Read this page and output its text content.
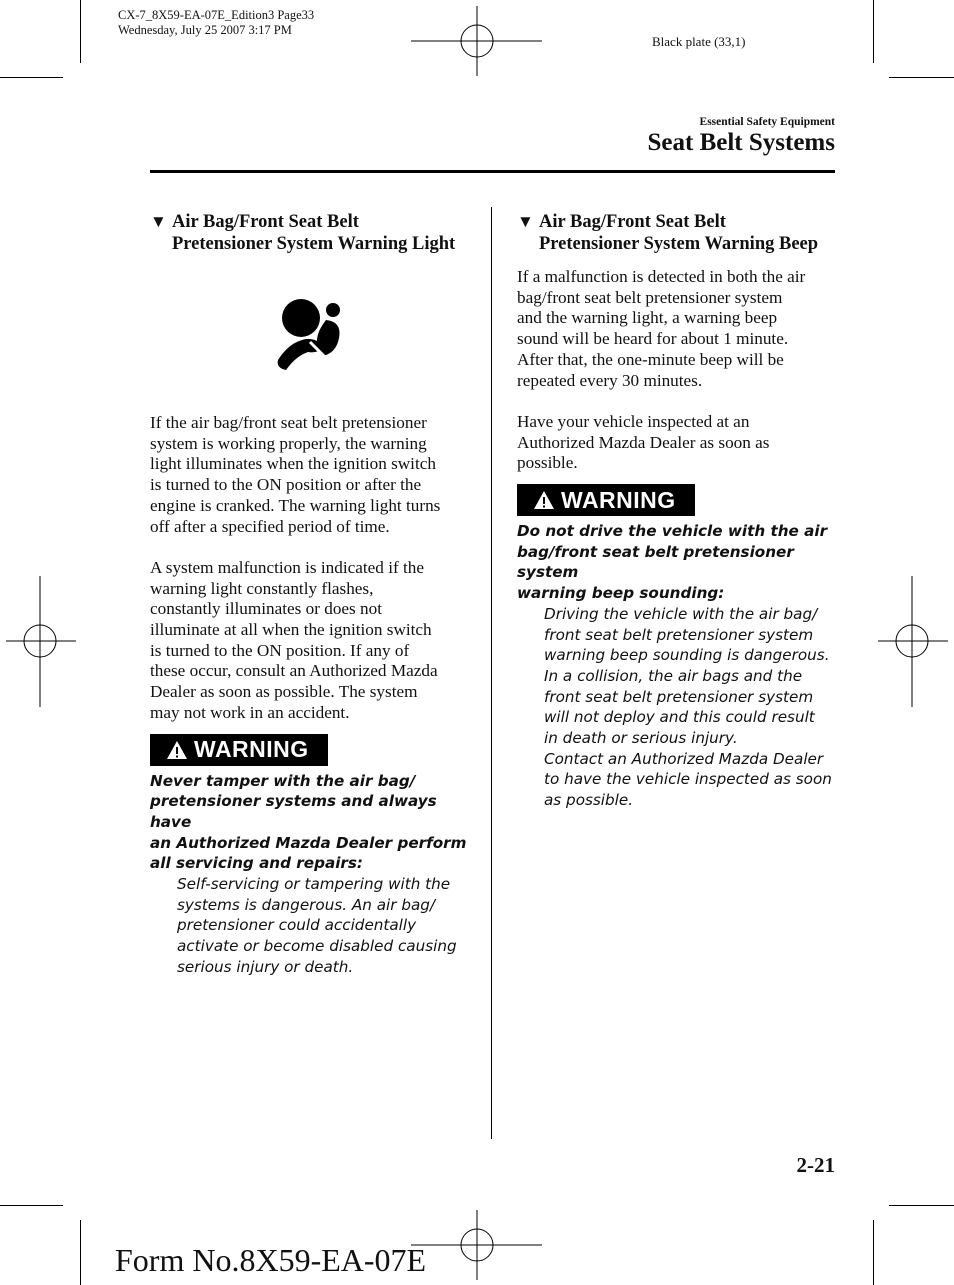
CX-7_8X59-EA-07E_Edition3 Page33
Wednesday, July 25 2007 3:17 PM
Black plate (33,1)
Essential Safety Equipment
Seat Belt Systems
▼ Air Bag/Front Seat Belt
Pretensioner System Warning Light

If the air bag/front seat belt pretensioner
system is working properly, the warning
light illuminates when the ignition switch
is turned to the ON position or after the
engine is cranked. The warning light turns
off after a specified period of time.

A system malfunction is indicated if the
warning light constantly flashes,
constantly illuminates or does not
illuminate at all when the ignition switch
is turned to the ON position. If any of
these occur, consult an Authorized Mazda
Dealer as soon as possible. The system
may not work in an accident.

WARNING

Never tamper with the air bag/
pretensioner systems and always have
an Authorized Mazda Dealer perform
all servicing and repairs:

Self-servicing or tampering with the
systems is dangerous. An air bag/
pretensioner could accidentally
activate or become disabled causing
serious injury or death.

▼ Air Bag/Front Seat Belt
Pretensioner System Warning Beep

If a malfunction is detected in both the air
bag/front seat belt pretensioner system
and the warning light, a warning beep
sound will be heard for about 1 minute.
After that, the one-minute beep will be
repeated every 30 minutes.

Have your vehicle inspected at an
Authorized Mazda Dealer as soon as
possible.

WARNING

Do not drive the vehicle with the air
bag/front seat belt pretensioner system
warning beep sounding:

Driving the vehicle with the air bag/
front seat belt pretensioner system
warning beep sounding is dangerous.
In a collision, the air bags and the
front seat belt pretensioner system
will not deploy and this could result
in death or serious injury.
Contact an Authorized Mazda Dealer
to have the vehicle inspected as soon
as possible.

2-21
Form No.8X59-EA-07E
